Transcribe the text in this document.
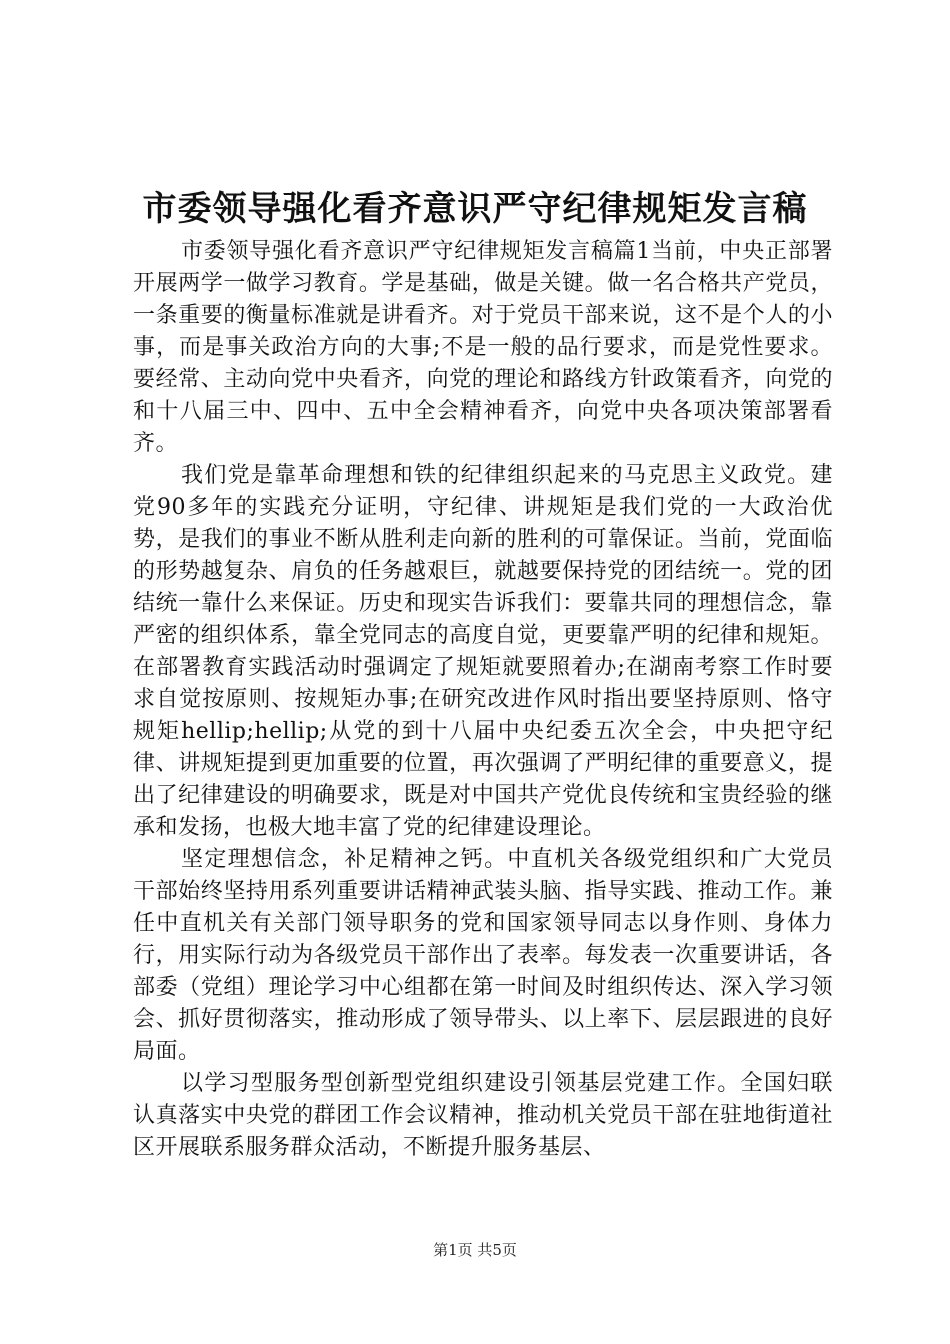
市委领导强化看齐意识严守纪律规矩发言稿

市委领导强化看齐意识严守纪律规矩发言稿篇1当前，中央正部署开展两学一做学习教育。学是基础，做是关键。做一名合格共产党员，一条重要的衡量标准就是讲看齐。对于党员干部来说，这不是个人的小事，而是事关政治方向的大事;不是一般的品行要求，而是党性要求。要经常、主动向党中央看齐，向党的理论和路线方针政策看齐，向党的和十八届三中、四中、五中全会精神看齐，向党中央各项决策部署看齐。

我们党是靠革命理想和铁的纪律组织起来的马克思主义政党。建党90多年的实践充分证明，守纪律、讲规矩是我们党的一大政治优势，是我们的事业不断从胜利走向新的胜利的可靠保证。当前，党面临的形势越复杂、肩负的任务越艰巨，就越要保持党的团结统一。党的团结统一靠什么来保证。历史和现实告诉我们：要靠共同的理想信念，靠严密的组织体系，靠全党同志的高度自觉，更要靠严明的纪律和规矩。在部署教育实践活动时强调定了规矩就要照着办;在湖南考察工作时要求自觉按原则、按规矩办事;在研究改进作风时指出要坚持原则、恪守规矩hellip;hellip;从党的到十八届中央纪委五次全会，中央把守纪律、讲规矩提到更加重要的位置，再次强调了严明纪律的重要意义，提出了纪律建设的明确要求，既是对中国共产党优良传统和宝贵经验的继承和发扬，也极大地丰富了党的纪律建设理论。

坚定理想信念，补足精神之钙。中直机关各级党组织和广大党员干部始终坚持用系列重要讲话精神武装头脑、指导实践、推动工作。兼任中直机关有关部门领导职务的党和国家领导同志以身作则、身体力行，用实际行动为各级党员干部作出了表率。每发表一次重要讲话，各部委（党组）理论学习中心组都在第一时间及时组织传达、深入学习领会、抓好贯彻落实，推动形成了领导带头、以上率下、层层跟进的良好局面。

以学习型服务型创新型党组织建设引领基层党建工作。全国妇联认真落实中央党的群团工作会议精神，推动机关党员干部在驻地街道社区开展联系服务群众活动，不断提升服务基层、

第1页 共5页
